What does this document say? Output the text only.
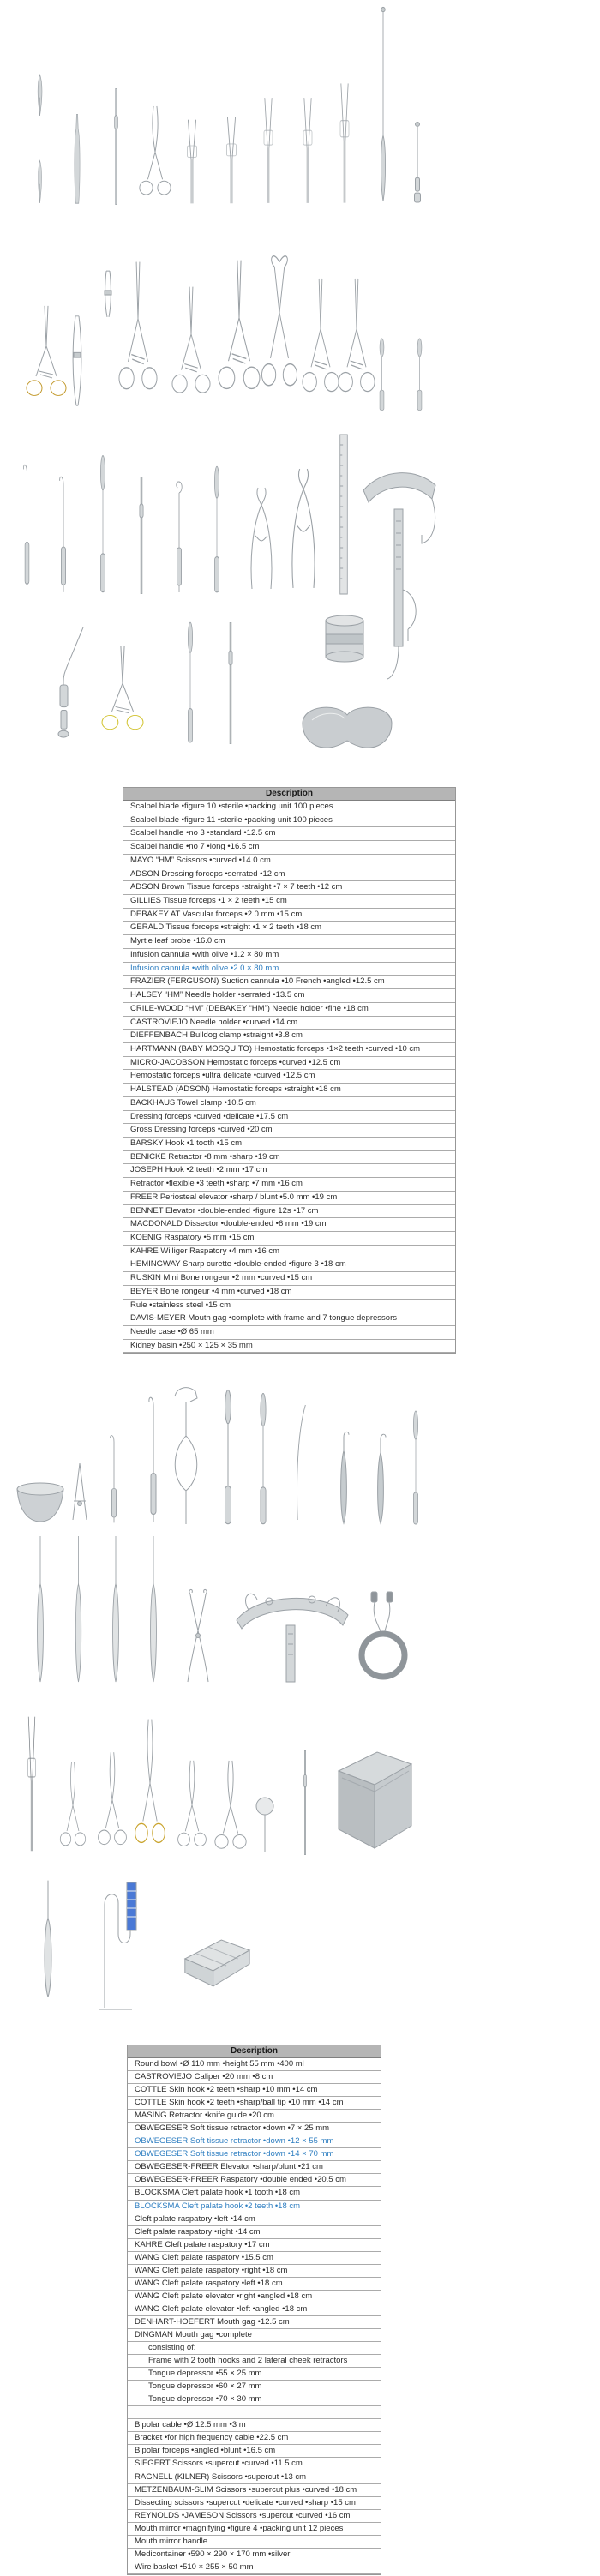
Description
Scalpel blade •figure 10 •sterile •packing unit 100 pieces
Scalpel blade •figure 11 •sterile •packing unit 100 pieces
Scalpel handle •no 3 •standard •12.5 cm
Scalpel handle •no 7 •long •16.5 cm
MAYO “HM” Scissors •curved •14.0 cm
ADSON Dressing forceps •serrated •12 cm
ADSON Brown Tissue forceps •straight •7 × 7 teeth •12 cm
GILLIES Tissue forceps •1 × 2 teeth •15 cm
DEBAKEY AT Vascular forceps •2.0 mm •15 cm
GERALD Tissue forceps •straight •1 × 2 teeth •18 cm
Myrtle leaf probe •16.0 cm
Infusion cannula •with olive •1.2 × 80 mm
Infusion cannula •with olive •2.0 × 80 mm
FRAZIER (FERGUSON) Suction cannula •10 French •angled •12.5 cm
HALSEY “HM” Needle holder •serrated •13.5 cm
CRILE-WOOD “HM” (DEBAKEY “HM”) Needle holder •fine •18 cm
CASTROVIEJO Needle holder •curved •14 cm
DIEFFENBACH Bulldog clamp •straight •3.8 cm
HARTMANN (BABY MOSQUITO) Hemostatic forceps •1×2 teeth •curved •10 cm
MICRO-JACOBSON Hemostatic forceps •curved •12.5 cm
Hemostatic forceps •ultra delicate •curved •12.5 cm
HALSTEAD (ADSON) Hemostatic forceps •straight •18 cm
BACKHAUS Towel clamp •10.5 cm
Dressing forceps •curved •delicate •17.5 cm
Gross Dressing forceps •curved •20 cm
BARSKY Hook •1 tooth •15 cm
BENICKE Retractor •8 mm •sharp •19 cm
JOSEPH Hook •2 teeth •2 mm •17 cm
Retractor •flexible •3 teeth •sharp •7 mm •16 cm
FREER Periosteal elevator •sharp / blunt •5.0 mm •19 cm
BENNET Elevator •double-ended •figure 12s •17 cm
MACDONALD Dissector •double-ended •6 mm •19 cm
KOENIG Raspatory •5 mm •15 cm
KAHRE Williger Raspatory •4 mm •16 cm
HEMINGWAY Sharp curette •double-ended •figure 3 •18 cm
RUSKIN Mini Bone rongeur •2 mm •curved •15 cm
BEYER Bone rongeur •4 mm •curved •18 cm
Rule •stainless steel •15 cm
DAVIS-MEYER Mouth gag •complete with frame and 7 tongue depressors
Needle case •Ø 65 mm
Kidney basin •250 × 125 × 35 mm
Description
Round bowl •Ø 110 mm •height 55 mm •400 ml
CASTROVIEJO Caliper •20 mm •8 cm
COTTLE Skin hook •2 teeth •sharp •10 mm •14 cm
COTTLE Skin hook •2 teeth •sharp/ball tip •10 mm •14 cm
MASING Retractor •knife guide •20 cm
OBWEGESER Soft tissue retractor •down •7 × 25 mm
OBWEGESER Soft tissue retractor •down •12 × 55 mm
OBWEGESER Soft tissue retractor •down •14 × 70 mm
OBWEGESER-FREER Elevator •sharp/blunt •21 cm
OBWEGESER-FREER Raspatory •double ended •20.5 cm
BLOCKSMA Cleft palate hook •1 tooth •18 cm
BLOCKSMA Cleft palate hook •2 teeth •18 cm
Cleft palate raspatory •left •14 cm
Cleft palate raspatory •right •14 cm
KAHRE Cleft palate raspatory •17 cm
WANG Cleft palate raspatory •15.5 cm
WANG Cleft palate raspatory •right •18 cm
WANG Cleft palate raspatory •left •18 cm
WANG Cleft palate elevator •right •angled •18 cm
WANG Cleft palate elevator •left •angled •18 cm
DENHART-HOEFERT Mouth gag •12.5 cm
DINGMAN Mouth gag •complete
consisting of:
Frame with 2 tooth hooks and 2 lateral cheek retractors
Tongue depressor •55 × 25 mm
Tongue depressor •60 × 27 mm
Tongue depressor •70 × 30 mm
Bipolar cable •Ø 12.5 mm •3 m
Bracket •for high frequency cable •22.5 cm
Bipolar forceps •angled •blunt •16.5 cm
SIEGERT Scissors •supercut •curved •11.5 cm
RAGNELL (KILNER) Scissors •supercut •13 cm
METZENBAUM-SLIM Scissors •supercut plus •curved •18 cm
Dissecting scissors •supercut •delicate •curved •sharp •15 cm
REYNOLDS •JAMESON Scissors •supercut •curved •16 cm
Mouth mirror •magnifying •figure 4 •packing unit 12 pieces
Mouth mirror handle
Medicontainer •590 × 290 × 170 mm •silver
Wire basket •510 × 255 × 50 mm
